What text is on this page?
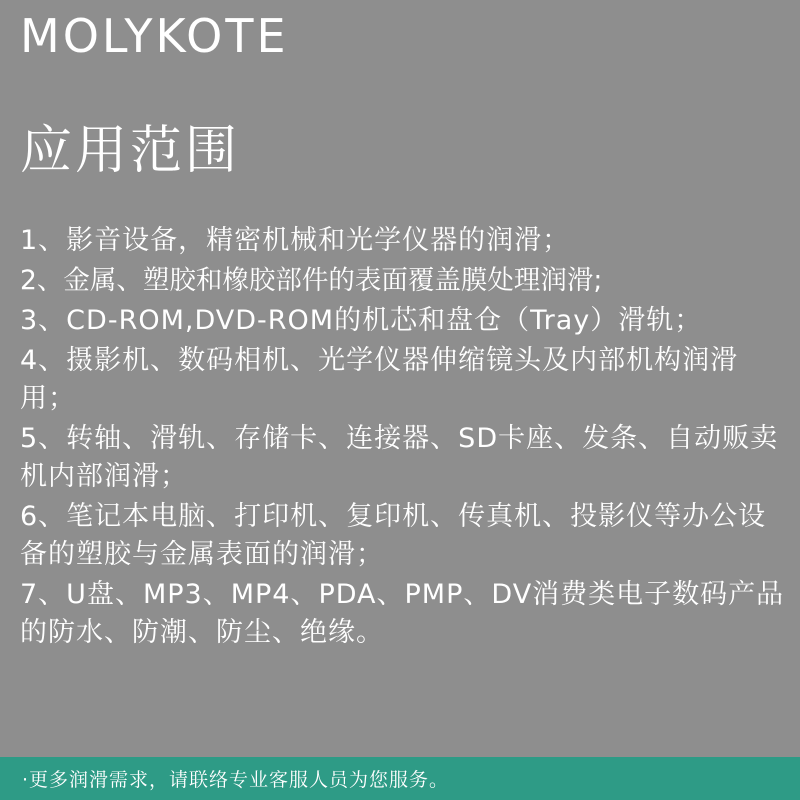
MOLYKOTE
应用范围
1、影音设备，精密机械和光学仪器的润滑；
2、金属、塑胶和橡胶部件的表面覆盖膜处理润滑;
3、CD-ROM,DVD-ROM的机芯和盘仓（Tray）滑轨；
4、摄影机、数码相机、光学仪器伸缩镜头及内部机构润滑用；
5、转轴、滑轨、存储卡、连接器、SD卡座、发条、自动贩卖机内部润滑；
6、笔记本电脑、打印机、复印机、传真机、投影仪等办公设备的塑胶与金属表面的润滑；
7、U盘、MP3、MP4、PDA、PMP、DV消费类电子数码产品的防水、防潮、防尘、绝缘。
·更多润滑需求，请联络专业客服人员为您服务。
